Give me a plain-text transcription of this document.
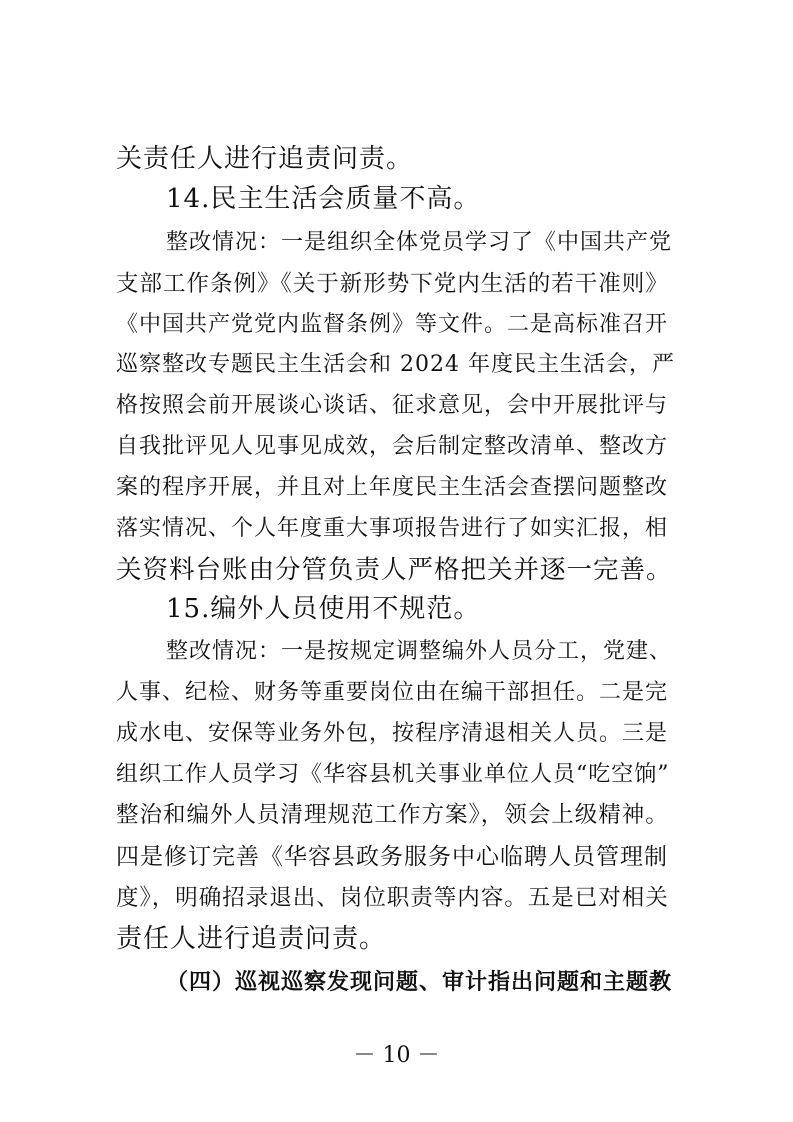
关责任人进行追责问责。
14.民主生活会质量不高。
整改情况：一是组织全体党员学习了《中国共产党
支部工作条例》《关于新形势下党内生活的若干准则》
《中国共产党党内监督条例》等文件。二是高标准召开
巡察整改专题民主生活会和 2024 年度民主生活会，严
格按照会前开展谈心谈话、征求意见，会中开展批评与
自我批评见人见事见成效，会后制定整改清单、整改方
案的程序开展，并且对上年度民主生活会查摆问题整改
落实情况、个人年度重大事项报告进行了如实汇报，相
关资料台账由分管负责人严格把关并逐一完善。
15.编外人员使用不规范。
整改情况：一是按规定调整编外人员分工，党建、
人事、纪检、财务等重要岗位由在编干部担任。二是完
成水电、安保等业务外包，按程序清退相关人员。三是
组织工作人员学习《华容县机关事业单位人员“吃空饷”
整治和编外人员清理规范工作方案》，领会上级精神。
四是修订完善《华容县政务服务中心临聘人员管理制
度》，明确招录退出、岗位职责等内容。五是已对相关
责任人进行追责问责。
（四）巡视巡察发现问题、审计指出问题和主题教
－ 10 －
